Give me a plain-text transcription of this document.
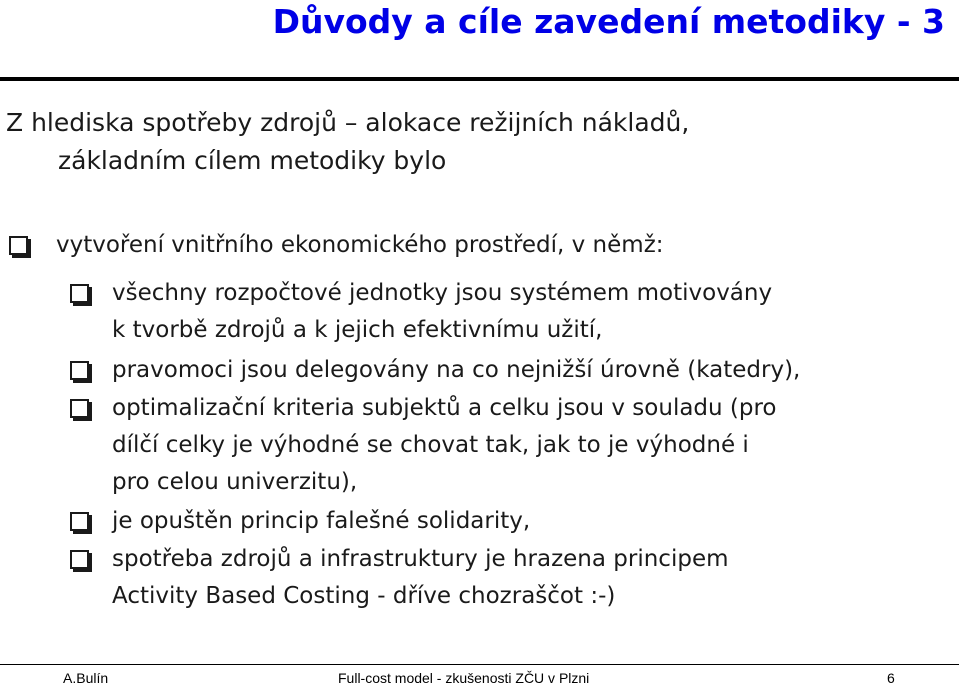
Důvody a cíle zavedení metodiky - 3
Z hlediska spotřeby zdrojů – alokace režijních nákladů,
základním cílem metodiky bylo
vytvoření vnitřního ekonomického prostředí, v němž:
všechny rozpočtové jednotky jsou systémem motivovány
k tvorbě zdrojů a k jejich efektivnímu užití,
pravomoci jsou delegovány na co nejnižší úrovně (katedry),
optimalizační kriteria subjektů a celku jsou v souladu (pro
dílčí celky je výhodné se chovat tak, jak to je výhodné i
pro celou univerzitu),
je opuštěn princip falešné solidarity,
spotřeba zdrojů a infrastruktury je hrazena principem
Activity Based Costing - dříve chozraščot :-)
A.Bulín	Full-cost model - zkušenosti ZČU v Plzni	6
